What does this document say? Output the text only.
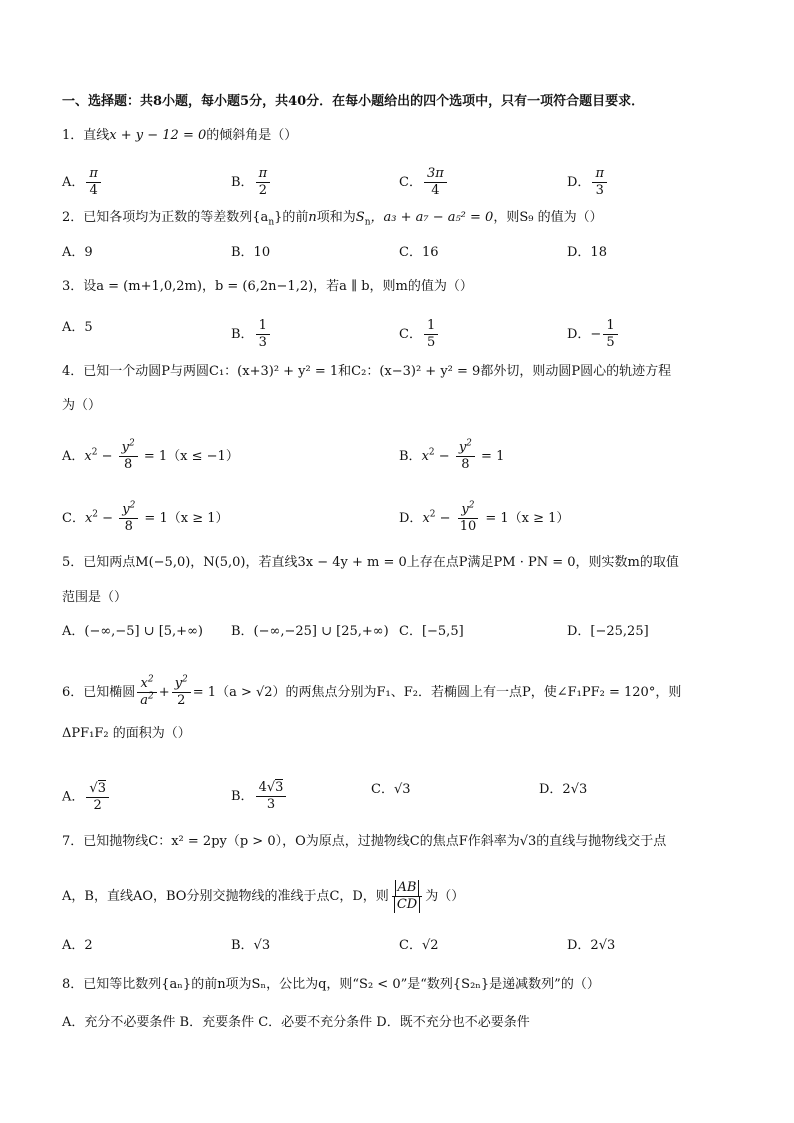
一、选择题：共8小题，每小题5分，共40分．在每小题给出的四个选项中，只有一项符合题目要求．
1．直线x + y − 12 = 0的倾斜角是（）
A． $\frac{\pi}{4}$	B． $\frac{\pi}{2}$	C． $\frac{3\pi}{4}$	D． $\frac{\pi}{3}$
2．已知各项均为正数的等差数列$\{a_n\}$的前n项和为$S_n$，a₃ + a₇ − a₅² = 0，则S₉ 的值为（）
A．9	B．10	C．16	D．18
3．设a = (m+1,0,2m)，b = (6,2n−1,2)，若a ∥ b，则m的值为（）
A．5	B． $\frac{1}{3}$	C． $\frac{1}{5}$	D．− $\frac{1}{5}$
4．已知一个动圆P与两圆C₁：(x+3)² + y² = 1和C₂：(x−3)² + y² = 9都外切，则动圆P圆心的轨迹方程
为（）
A．$x^2 - \frac{y^2}{8} = 1(x \le -1)$	B．$x^2 - \frac{y^2}{8} = 1$
C．$x^2 - \frac{y^2}{8} = 1(x \ge 1)$	D．$x^2 - \frac{y^2}{10} = 1(x \ge 1)$
5．已知两点M(−5,0)，N(5,0)，若直线3x − 4y + m = 0上存在点P满足PM · PN = 0，则实数m的取值
范围是（）
A．(−∞,−5] ∪ [5,+∞) B．(−∞,−25] ∪ [25,+∞) C．[−5,5]	D．[−25,25]
6．已知椭圆 $\frac{x^2}{a^2} + \frac{y^2}{2} = 1(a > √2)$的两焦点分别为F₁、F₂．若椭圆上有一点P，使∠F₁PF₂ = 120°，则
ΔPF₁F₂ 的面积为（）
A． $\frac{√3}{2}$	B． $\frac{4√3}{3}$	C．√3	D．2√3
7．已知抛物线C：x² = 2py（p > 0），O为原点，过抛物线C的焦点F作斜率为√3的直线与抛物线交于点
A，B，直线AO，BO分别交抛物线的准线于点C，D，则 $\frac{AB}{CD}$ 为（）
A．2	B．√3	C．√2	D．2√3
8．已知等比数列{aₙ}的前n项为Sₙ，公比为q，则“S₂ < 0”是“数列{S₂ₙ}是递减数列”的（）
A．充分不必要条件 B．充要条件 C．必要不充分条件 D．既不充分也不必要条件
